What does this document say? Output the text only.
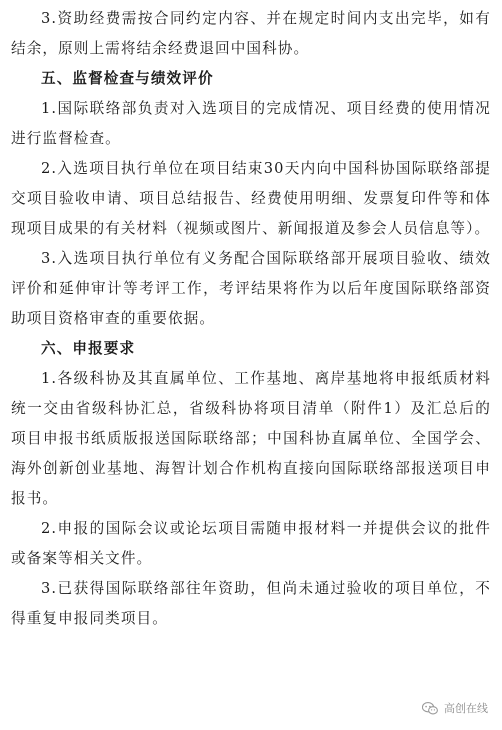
3.资助经费需按合同约定内容、并在规定时间内支出完毕，如有结余，原则上需将结余经费退回中国科协。

五、监督检查与绩效评价

1.国际联络部负责对入选项目的完成情况、项目经费的使用情况进行监督检查。

2.入选项目执行单位在项目结束30天内向中国科协国际联络部提交项目验收申请、项目总结报告、经费使用明细、发票复印件等和体现项目成果的有关材料（视频或图片、新闻报道及参会人员信息等）。

3.入选项目执行单位有义务配合国际联络部开展项目验收、绩效评价和延伸审计等考评工作，考评结果将作为以后年度国际联络部资助项目资格审查的重要依据。

六、申报要求

1.各级科协及其直属单位、工作基地、离岸基地将申报纸质材料统一交由省级科协汇总，省级科协将项目清单（附件1）及汇总后的项目申报书纸质版报送国际联络部；中国科协直属单位、全国学会、海外创新创业基地、海智计划合作机构直接向国际联络部报送项目申报书。

2.申报的国际会议或论坛项目需随申报材料一并提供会议的批件或备案等相关文件。

3.已获得国际联络部往年资助，但尚未通过验收的项目单位，不得重复申报同类项目。

高创在线
